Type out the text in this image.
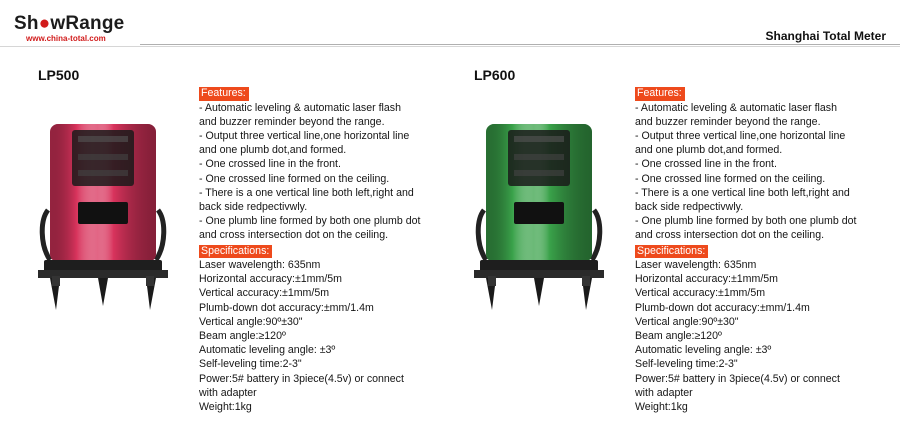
Sh●wRange
www.china-total.com	Shanghai Total Meter
LP500
Features:
- Automatic leveling & automatic laser flash
and buzzer reminder beyond the range.
- Output three vertical line,one horizontal line
and one plumb dot,and formed.
- One crossed line in the front.
- One crossed line formed on the ceiling.
- There is a one vertical line both left,right and
back side redpectivwly.
- One plumb line formed by both one plumb dot
and cross intersection dot on the ceiling.
Specifications:
Laser wavelength: 635nm
Horizontal accuracy:±1mm/5m
Vertical accuracy:±1mm/5m
Plumb-down dot accuracy:±mm/1.4m
Vertical angle:90º±30"
Beam angle:≥120º
Automatic leveling angle: ±3º
Self-leveling time:2-3"
Power:5# battery in 3piece(4.5v) or connect
with adapter
Weight:1kg
LP600
Features:
- Automatic leveling & automatic laser flash
and buzzer reminder beyond the range.
- Output three vertical line,one horizontal line
and one plumb dot,and formed.
- One crossed line in the front.
- One crossed line formed on the ceiling.
- There is a one vertical line both left,right and
back side redpectivwly.
- One plumb line formed by both one plumb dot
and cross intersection dot on the ceiling.
Specifications:
Laser wavelength: 635nm
Horizontal accuracy:±1mm/5m
Vertical accuracy:±1mm/5m
Plumb-down dot accuracy:±mm/1.4m
Vertical angle:90º±30"
Beam angle:≥120º
Automatic leveling angle: ±3º
Self-leveling time:2-3"
Power:5# battery in 3piece(4.5v) or connect
with adapter
Weight:1kg
